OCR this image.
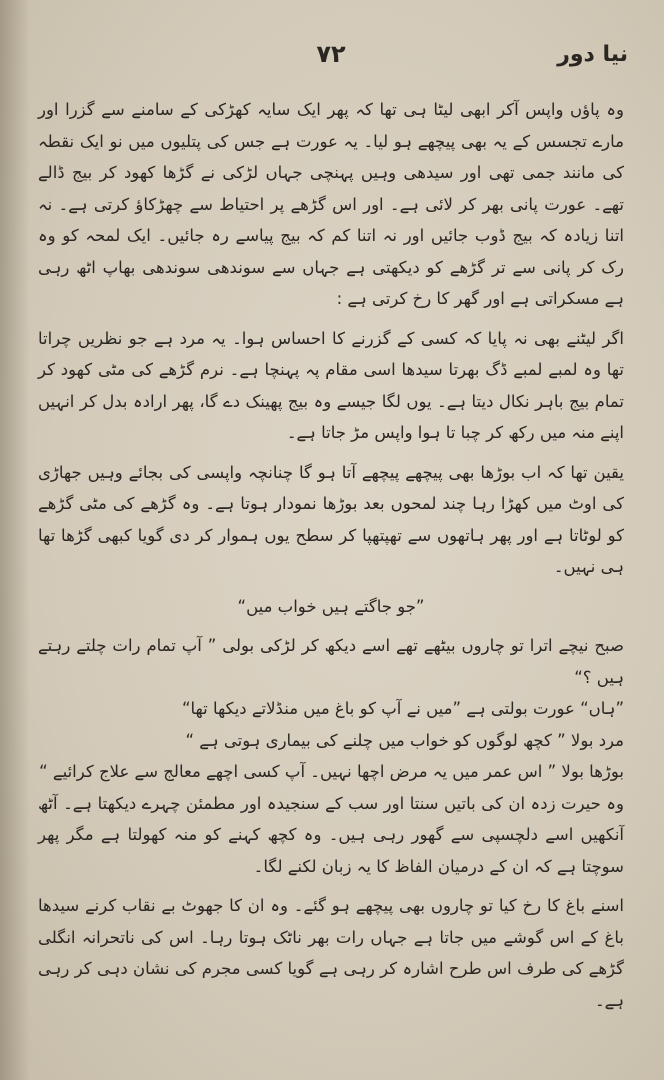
نیا دور
۷۲

وہ پاؤں واپس آکر ابھی لیٹا ہی تھا کہ پھر ایک سایہ کھڑکی کے سامنے سے گزرا اور مارے تجسس کے یہ بھی پیچھے ہو لیا۔ یہ عورت ہے جس کی پتلیوں میں نو ایک نقطہ کی مانند جمی تھی اور سیدھی وہیں پہنچی جہاں لڑکی نے گڑھا کھود کر بیج ڈالے تھے۔ عورت پانی بھر کر لائی ہے۔ اور اس گڑھے پر احتیاط سے چھڑکاؤ کرتی ہے۔ نہ اتنا زیادہ کہ بیج ڈوب جائیں اور نہ اتنا کم کہ بیج پیاسے رہ جائیں۔ ایک لمحہ کو وہ رک کر پانی سے تر گڑھے کو دیکھتی ہے جہاں سے سوندھی سوندھی بھاپ اٹھ رہی ہے مسکراتی ہے اور گھر کا رخ کرتی ہے :

اگر لیٹنے بھی نہ پایا کہ کسی کے گزرنے کا احساس ہوا۔ یہ مرد ہے جو نظریں چراتا تھا وہ لمبے لمبے ڈگ بھرتا سیدھا اسی مقام پہ پہنچا ہے۔ نرم گڑھے کی مٹی کھود کر تمام بیج باہر نکال دیتا ہے۔ یوں لگا جیسے وہ بیج پھینک دے گا، پھر ارادہ بدل کر انہیں اپنے منہ میں رکھ کر چبا تا ہوا واپس مڑ جاتا ہے۔

یقین تھا کہ اب بوڑھا بھی پیچھے پیچھے آتا ہو گا چنانچہ واپسی کی بجائے وہیں جھاڑی کی اوٹ میں کھڑا رہا چند لمحوں بعد بوڑھا نمودار ہوتا ہے۔ وہ گڑھے کی مٹی گڑھے کو لوٹاتا ہے اور پھر ہاتھوں سے تھپتھپا کر سطح یوں ہموار کر دی گویا کبھی گڑھا تھا ہی نہیں۔

”جو جاگتے ہیں خواب میں“

صبح نیچے اترا تو چاروں بیٹھے تھے اسے دیکھ کر لڑکی بولی ” آپ تمام رات چلتے رہتے ہیں ؟“

”ہاں“ عورت بولتی ہے ”میں نے آپ کو باغ میں منڈلاتے دیکھا تھا“

مرد بولا ” کچھ لوگوں کو خواب میں چلنے کی بیماری ہوتی ہے “

بوڑھا بولا ” اس عمر میں یہ مرض اچھا نہیں۔ آپ کسی اچھے معالج سے علاج کرائیے “

وہ حیرت زدہ ان کی باتیں سنتا اور سب کے سنجیدہ اور مطمئن چہرے دیکھتا ہے۔ آٹھ آنکھیں اسے دلچسپی سے گھور رہی ہیں۔ وہ کچھ کہنے کو منہ کھولتا ہے مگر پھر سوچتا ہے کہ ان کے درمیان الفاظ کا یہ زبان لکنے لگا۔

اسنے باغ کا رخ کیا تو چاروں بھی پیچھے ہو گئے۔ وہ ان کا جھوٹ بے نقاب کرنے سیدھا باغ کے اس گوشے میں جاتا ہے جہاں رات بھر ناٹک ہوتا رہا۔ اس کی ناتحرانہ انگلی گڑھے کی طرف اس طرح اشارہ کر رہی ہے گویا کسی مجرم کی نشان دہی کر رہی ہے۔
